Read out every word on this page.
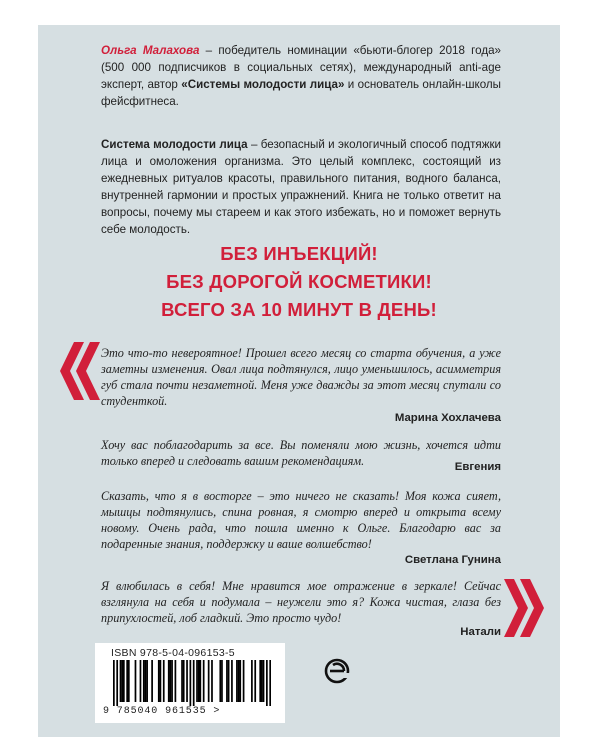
Ольга Малахова – победитель номинации «бьюти-блогер 2018 года» (500 000 подписчиков в социальных сетях), международный anti-age эксперт, автор «Системы молодости лица» и основатель онлайн-школы фейсфитнеса.

Система молодости лица – безопасный и экологичный способ подтяжки лица и омоложения организма. Это целый комплекс, состоящий из ежедневных ритуалов красоты, правильного питания, водного баланса, внутренней гармонии и простых упражнений. Книга не только ответит на вопросы, почему мы стареем и как этого избежать, но и поможет вернуть себе молодость.

БЕЗ ИНЪЕКЦИЙ!

БЕЗ ДОРОГОЙ КОСМЕТИКИ!

ВСЕГО ЗА 10 МИНУТ В ДЕНЬ!

Это что-то невероятное! Прошел всего месяц со старта обучения, а уже заметны изменения. Овал лица подтянулся, лицо уменьшилось, асимметрия губ стала почти незаметной. Меня уже дважды за этот месяц спутали со студенткой.

Марина Хохлачева

Хочу вас поблагодарить за все. Вы поменяли мою жизнь, хочется идти только вперед и следовать вашим рекомендациям.	Евгения

Сказать, что я в восторге – это ничего не сказать! Моя кожа сияет, мышцы подтянулись, спина ровная, я смотрю вперед и открыта всему новому. Очень рада, что пошла именно к Ольге. Благодарю вас за подаренные знания, поддержку и ваше волшебство!

Светлана Гунина

Я влюбилась в себя! Мне нравится мое отражение в зеркале! Сейчас взглянула на себя и подумала – неужели это я? Кожа чистая, глаза без припухлостей, лоб гладкий. Это просто чудо!

Натали

ISBN 978-5-04-096153-5

9 785040 961535 >
